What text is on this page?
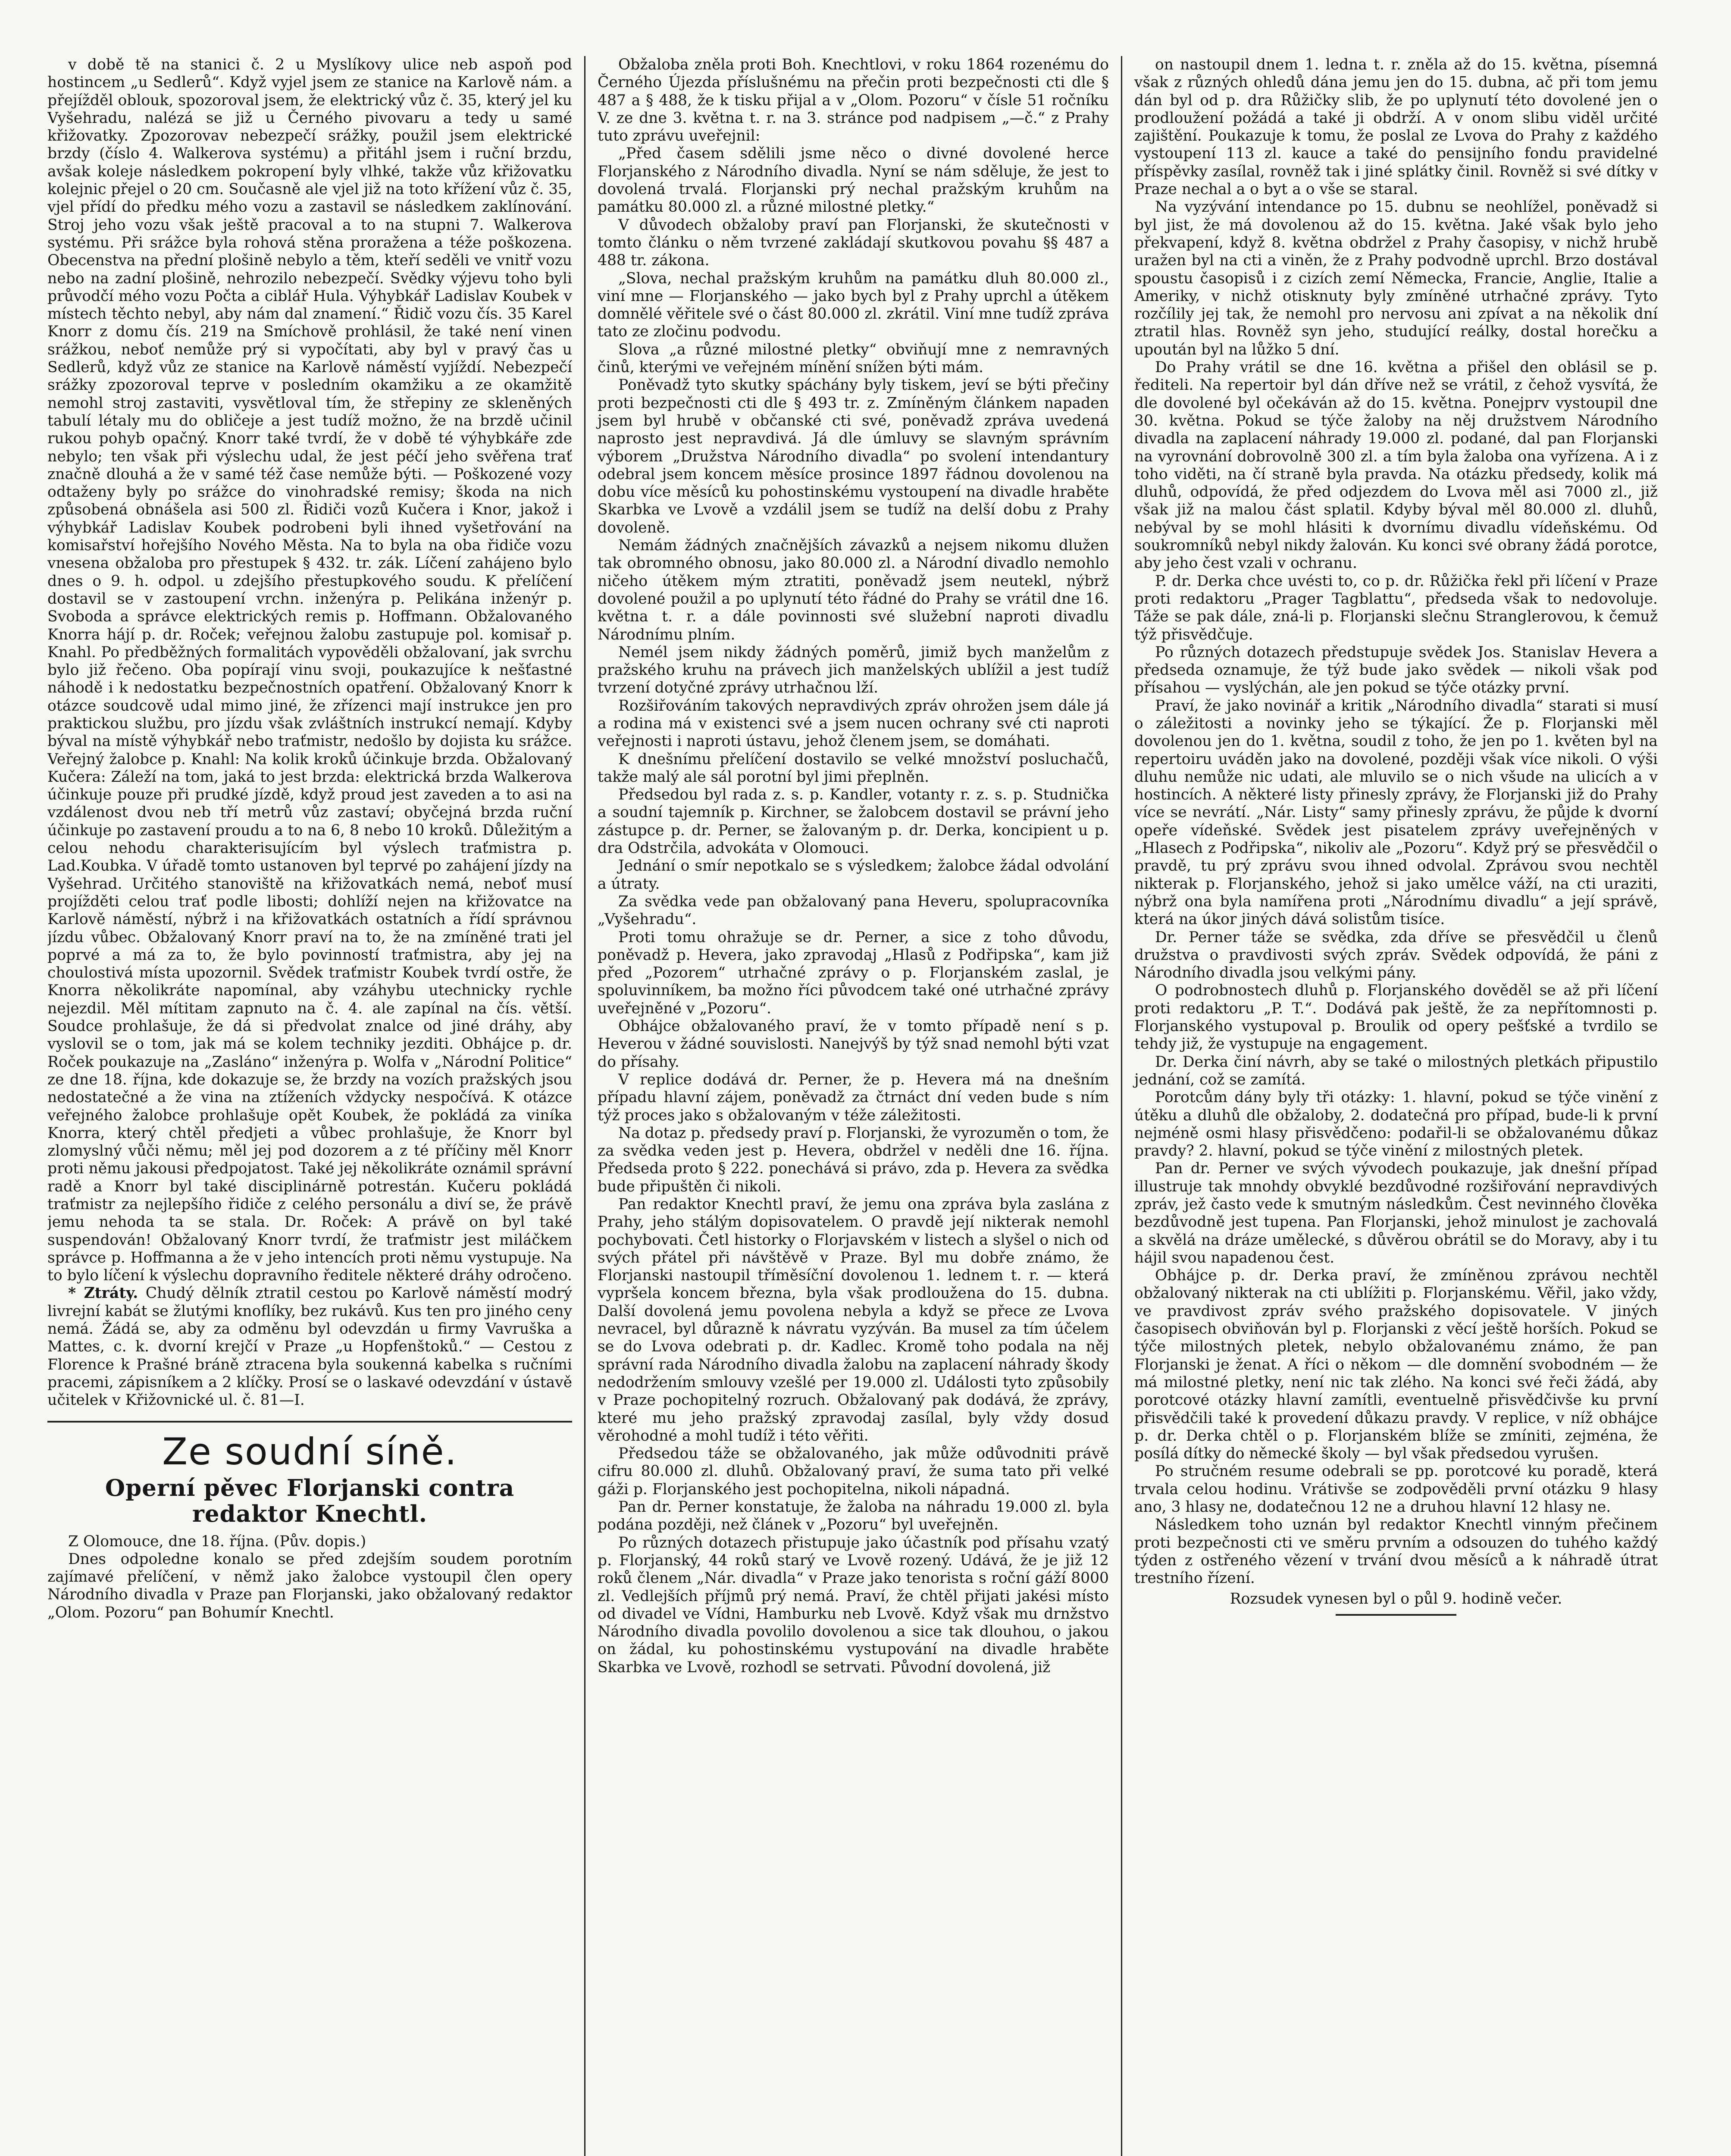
v době tě na stanici č. 2 u Myslíkovy ulice neb aspoň pod hostincem „u Sedlerů“. Když vyjel jsem ze stanice na Karlově nám. a přejížděl oblouk, spozoroval jsem, že elektrický vůz č. 35, který jel ku Vyšehradu, nalézá se již u Černého pivovaru a tedy u samé křižovatky. Zpozorovav nebezpečí srážky, použil jsem elektrické brzdy (číslo 4. Walkerova systému) a přitáhl jsem i ruční brzdu, avšak koleje následkem pokropení byly vlhké, takže vůz křižovatku kolejnic přejel o 20 cm. Současně ale vjel již na toto křížení vůz č. 35, vjel přídí do předku mého vozu a zastavil se následkem zaklínování. Stroj jeho vozu však ještě pracoval a to na stupni 7. Walkerova systému. Při srážce byla rohová stěna proražena a téže poškozena. Obecenstva na přední plošině nebylo a těm, kteří seděli ve vnitř vozu nebo na zadní plošině, nehrozilo nebezpečí. Svědky výjevu toho byli průvodčí mého vozu Počta a ciblář Hula. Výhybkář Ladislav Koubek v místech těchto nebyl, aby nám dal znamení.“ Řidič vozu čís. 35 Karel Knorr z domu čís. 219 na Smíchově prohlásil, že také není vinen srážkou, neboť nemůže prý si vypočítati, aby byl v pravý čas u Sedlerů, když vůz ze stanice na Karlově náměstí vyjíždí. Nebezpečí srážky zpozoroval teprve v posledním okamžiku a ze okamžitě nemohl stroj zastaviti, vysvětloval tím, že střepiny ze skleněných tabulí létaly mu do obličeje a jest tudíž možno, že na brzdě učinil rukou pohyb opačný. Knorr také tvrdí, že v době té výhybkáře zde nebylo; ten však při výslechu udal, že jest péčí jeho svěřena trať značně dlouhá a že v samé též čase nemůže býti. — Poškozené vozy odtaženy byly po srážce do vinohradské remisy; škoda na nich způsobená obnášela asi 500 zl. Řidiči vozů Kučera i Knor, jakož i výhybkář Ladislav Koubek podrobeni byli ihned vyšetřování na komisařství hořejšího Nového Města. Na to byla na oba řidiče vozu vnesena obžaloba pro přestupek § 432. tr. zák. Líčení zahájeno bylo dnes o 9. h. odpol. u zdejšího přestupkového soudu. K přelíčení dostavil se v zastoupení vrchn. inženýra p. Pelikána inženýr p. Svoboda a správce elektrických remis p. Hoffmann. Obžalovaného Knorra hájí p. dr. Roček; veřejnou žalobu zastupuje pol. komisař p. Knahl. Po předběžných formalitách vypověděli obžalovaní, jak svrchu bylo již řečeno. Oba popírají vinu svoji, poukazujíce k nešťastné náhodě i k nedostatku bezpečnostních opatření. Obžalovaný Knorr k otázce soudcově udal mimo jiné, že zřízenci mají instrukce jen pro praktickou službu, pro jízdu však zvláštních instrukcí nemají. Kdyby býval na místě výhybkář nebo traťmistr, nedošlo by dojista ku srážce. Veřejný žalobce p. Knahl: Na kolik kroků účinkuje brzda. Obžalovaný Kučera: Záleží na tom, jaká to jest brzda: elektrická brzda Walkerova účinkuje pouze při prudké jízdě, když proud jest zaveden a to asi na vzdálenost dvou neb tří metrů vůz zastaví; obyčejná brzda ruční účinkuje po zastavení proudu a to na 6, 8 nebo 10 kroků. Důležitým a celou nehodu charakterisujícím byl výslech traťmistra p. Lad.Koubka. V úřadě tomto ustanoven byl teprvé po zahájení jízdy na Vyšehrad. Určitého stanoviště na křižovatkách nemá, neboť musí projížděti celou trať podle libosti; dohlíží nejen na křižovatce na Karlově náměstí, nýbrž i na křižovatkách ostatních a řídí správnou jízdu vůbec. Obžalovaný Knorr praví na to, že na zmíněné trati jel poprvé a má za to, že bylo povinností traťmistra, aby jej na choulostivá místa upozornil. Svědek traťmistr Koubek tvrdí ostře, že Knorra několikráte napomínal, aby vzáhybu utechnicky rychle nejezdil. Měl mítitam zapnuto na č. 4. ale zapínal na čís. větší. Soudce prohlašuje, že dá si předvolat znalce od jiné dráhy, aby vyslovil se o tom, jak má se kolem techniky jezditi. Obhájce p. dr. Roček poukazuje na „Zasláno“ inženýra p. Wolfa v „Národní Politice“ ze dne 18. října, kde dokazuje se, že brzdy na vozích pražských jsou nedostatečné a že vina na ztíženích vždycky nespočívá. K otázce veřejného žalobce prohlašuje opět Koubek, že pokládá za viníka Knorra, který chtěl předjeti a vůbec prohlašuje, že Knorr byl zlomyslný vůči němu; měl jej pod dozorem a z té příčiny měl Knorr proti němu jakousi předpojatost. Také jej několikráte oznámil správní radě a Knorr byl také disciplinárně potrestán. Kučeru pokládá traťmistr za nejlepšího řidiče z celého personálu a diví se, že právě jemu nehoda ta se stala. Dr. Roček: A právě on byl také suspendován! Obžalovaný Knorr tvrdí, že traťmistr jest miláčkem správce p. Hoffmanna a že v jeho intencích proti němu vystupuje. Na to bylo líčení k výslechu dopravního ředitele některé dráhy odročeno.

* Ztráty. Chudý dělník ztratil cestou po Karlově náměstí modrý livrejní kabát se žlutými knoflíky, bez rukávů. Kus ten pro jiného ceny nemá. Žádá se, aby za odměnu byl odevzdán u firmy Vavruška a Mattes, c. k. dvorní krejčí v Praze „u Hopfenštoků.“ — Cestou z Florence k Prašné bráně ztracena byla soukenná kabelka s ručními pracemi, zápisníkem a 2 klíčky. Prosí se o laskavé odevzdání v ústavě učitelek v Křižovnické ul. č. 81—I.

Ze soudní síně.
Operní pěvec Florjanski contra redaktor Knechtl.

Z Olomouce, dne 18. října. (Pův. dopis.)

Dnes odpoledne konalo se před zdejším soudem porotním zajímavé přelíčení, v němž jako žalobce vystoupil člen opery Národního divadla v Praze pan Florjanski, jako obžalovaný redaktor „Olom. Pozoru“ pan Bohumír Knechtl.

Obžaloba zněla proti Boh. Knechtlovi, v roku 1864 rozenému do Černého Újezda příslušnému na přečin proti bezpečnosti cti dle § 487 a § 488, že k tisku přijal a v „Olom. Pozoru“ v čísle 51 ročníku V. ze dne 3. května t. r. na 3. stránce pod nadpisem „—č.“ z Prahy tuto zprávu uveřejnil:

„Před časem sdělili jsme něco o divné dovolené herce Florjanského z Národního divadla. Nyní se nám sděluje, že jest to dovolená trvalá. Florjanski prý nechal pražským kruhům na památku 80.000 zl. a různé milostné pletky.“

V důvodech obžaloby praví pan Florjanski, že skutečnosti v tomto článku o něm tvrzené zakládají skutkovou povahu §§ 487 a 488 tr. zákona.

„Slova, nechal pražským kruhům na památku dluh 80.000 zl., viní mne — Florjanského — jako bych byl z Prahy uprchl a útěkem domnělé věřitele své o část 80.000 zl. zkrátil. Viní mne tudíž zpráva tato ze zločinu podvodu.

Slova „a různé milostné pletky“ obviňují mne z nemravných činů, kterými ve veřejném mínění snížen býti mám.

Poněvadž tyto skutky spáchány byly tiskem, jeví se býti přečiny proti bezpečnosti cti dle § 493 tr. z. Zmíněným článkem napaden jsem byl hrubě v občanské cti své, poněvadž zpráva uvedená naprosto jest nepravdivá. Já dle úmluvy se slavným správním výborem „Družstva Národního divadla“ po svolení intendantury odebral jsem koncem měsíce prosince 1897 řádnou dovolenou na dobu více měsíců ku pohostinskému vystoupení na divadle hraběte Skarbka ve Lvově a vzdálil jsem se tudíž na delší dobu z Prahy dovoleně.

Nemám žádných značnějších závazků a nejsem nikomu dlužen tak obromného obnosu, jako 80.000 zl. a Národní divadlo nemohlo ničeho útěkem mým ztratiti, poněvadž jsem neutekl, nýbrž dovolené použil a po uplynutí této řádné do Prahy se vrátil dne 16. května t. r. a dále povinnosti své služební naproti divadlu Národnímu plním.

Nemél jsem nikdy žádných poměrů, jimiž bych manželům z pražského kruhu na právech jich manželských ublížil a jest tudíž tvrzení dotyčné zprávy utrhačnou lží.

Rozšiřováním takových nepravdivých zpráv ohrožen jsem dále já a rodina má v existenci své a jsem nucen ochrany své cti naproti veřejnosti i naproti ústavu, jehož členem jsem, se domáhati.

K dnešnímu přelíčení dostavilo se velké množství posluchačů, takže malý ale sál porotní byl jimi přeplněn.

Předsedou byl rada z. s. p. Kandler, votanty r. z. s. p. Studnička a soudní tajemník p. Kirchner, se žalobcem dostavil se právní jeho zástupce p. dr. Perner, se žalovaným p. dr. Derka, koncipient u p. dra Odstrčila, advokáta v Olomouci.

Jednání o smír nepotkalo se s výsledkem; žalobce žádal odvolání a útraty.

Za svědka vede pan obžalovaný pana Heveru, spolupracovníka „Vyšehradu“.

Proti tomu ohražuje se dr. Perner, a sice z toho důvodu, poněvadž p. Hevera, jako zpravodaj „Hlasů z Podřipska“, kam již před „Pozorem“ utrhačné zprávy o p. Florjanském zaslal, je spoluvinníkem, ba možno říci původcem také oné utrhačné zprávy uveřejněné v „Pozoru“.

Obhájce obžalovaného praví, že v tomto případě není s p. Heverou v žádné souvislosti. Nanejvýš by týž snad nemohl býti vzat do přísahy.

V replice dodává dr. Perner, že p. Hevera má na dnešním případu hlavní zájem, poněvadž za čtrnáct dní veden bude s ním týž proces jako s obžalovaným v téže záležitosti.

Na dotaz p. předsedy praví p. Florjanski, že vyrozuměn o tom, že za svědka veden jest p. Hevera, obdržel v neděli dne 16. října. Předseda proto § 222. ponechává si právo, zda p. Hevera za svědka bude připuštěn či nikoli.

Pan redaktor Knechtl praví, že jemu ona zpráva byla zaslána z Prahy, jeho stálým dopisovatelem. O pravdě její nikterak nemohl pochybovati. Četl historky o Florjavském v listech a slyšel o nich od svých přátel při návštěvě v Praze. Byl mu dobře známo, že Florjanski nastoupil tříměsíční dovolenou 1. lednem t. r. — která vypršela koncem března, byla však prodloužena do 15. dubna. Další dovolená jemu povolena nebyla a když se přece ze Lvova nevracel, byl důrazně k návratu vyzýván. Ba musel za tím účelem se do Lvova odebrati p. dr. Kadlec. Kromě toho podala na něj správní rada Národního divadla žalobu na zaplacení náhrady škody nedodržením smlouvy vzešlé per 19.000 zl. Události tyto způsobily v Praze pochopitelný rozruch. Obžalovaný pak dodává, že zprávy, které mu jeho pražský zpravodaj zasílal, byly vždy dosud věrohodné a mohl tudíž i této věřiti.

Předsedou táže se obžalovaného, jak může odůvodniti právě cifru 80.000 zl. dluhů. Obžalovaný praví, že suma tato při velké gáži p. Florjanského jest pochopitelna, nikoli nápadná.

Pan dr. Perner konstatuje, že žaloba na náhradu 19.000 zl. byla podána později, než článek v „Pozoru“ byl uveřejněn.

Po různých dotazech přistupuje jako účastník pod přísahu vzatý p. Florjanský, 44 roků starý ve Lvově rozený. Udává, že je již 12 roků členem „Nár. divadla“ v Praze jako tenorista s roční gáží 8000 zl. Vedlejších příjmů prý nemá. Praví, že chtěl přijati jakési místo od divadel ve Vídni, Hamburku neb Lvově. Když však mu drnžstvo Národního divadla povolilo dovolenou a sice tak dlouhou, o jakou on žádal, ku pohostinskému vystupování na divadle hraběte Skarbka ve Lvově, rozhodl se setrvati. Původní dovolená, již

on nastoupil dnem 1. ledna t. r. zněla až do 15. května, písemná však z různých ohledů dána jemu jen do 15. dubna, ač při tom jemu dán byl od p. dra Růžičky slib, že po uplynutí této dovolené jen o prodloužení požádá a také ji obdrží. A v onom slibu viděl určité zajištění. Poukazuje k tomu, že poslal ze Lvova do Prahy z každého vystoupení 113 zl. kauce a také do pensijního fondu pravidelné příspěvky zasílal, rovněž tak i jiné splátky činil. Rovněž si své dítky v Praze nechal a o byt a o vše se staral.

Na vyzývání intendance po 15. dubnu se neohlížel, poněvadž si byl jist, že má dovolenou až do 15. května. Jaké však bylo jeho překvapení, když 8. května obdržel z Prahy časopisy, v nichž hrubě uražen byl na cti a viněn, že z Prahy podvodně uprchl. Brzo dostával spoustu časopisů i z cizích zemí Německa, Francie, Anglie, Italie a Ameriky, v nichž otisknuty byly zmíněné utrhačné zprávy. Tyto rozčílily jej tak, že nemohl pro nervosu ani zpívat a na několik dní ztratil hlas. Rovněž syn jeho, studující reálky, dostal horečku a upoután byl na lůžko 5 dní.

Do Prahy vrátil se dne 16. května a přišel den oblásil se p. řediteli. Na repertoir byl dán dříve než se vrátil, z čehož vysvítá, že dle dovolené byl očekáván až do 15. května. Ponejprv vystoupil dne 30. května. Pokud se týče žaloby na něj družstvem Národního divadla na zaplacení náhrady 19.000 zl. podané, dal pan Florjanski na vyrovnání dobrovolně 300 zl. a tím byla žaloba ona vyřízena. A i z toho viděti, na čí straně byla pravda. Na otázku předsedy, kolik má dluhů, odpovídá, že před odjezdem do Lvova měl asi 7000 zl., již však již na malou část splatil. Kdyby býval měl 80.000 zl. dluhů, nebýval by se mohl hlásiti k dvornímu divadlu vídeňskému. Od soukromníků nebyl nikdy žalován. Ku konci své obrany žádá porotce, aby jeho čest vzali v ochranu.

P. dr. Derka chce uvésti to, co p. dr. Růžička řekl při líčení v Praze proti redaktoru „Prager Tagblattu“, předseda však to nedovoluje. Táže se pak dále, zná-li p. Florjanski slečnu Stranglerovou, k čemuž týž přisvědčuje.

Po různých dotazech předstupuje svědek Jos. Stanislav Hevera a předseda oznamuje, že týž bude jako svědek — nikoli však pod přísahou — vyslýchán, ale jen pokud se týče otázky první.

Praví, že jako novinář a kritik „Národního divadla“ starati si musí o záležitosti a novinky jeho se týkající. Že p. Florjanski měl dovolenou jen do 1. května, soudil z toho, že jen po 1. květen byl na repertoiru uváděn jako na dovolené, později však více nikoli. O výši dluhu nemůže nic udati, ale mluvilo se o nich všude na ulicích a v hostincích. A některé listy přinesly zprávy, že Florjanski již do Prahy více se nevrátí. „Nár. Listy“ samy přinesly zprávu, že půjde k dvorní opeře vídeňské. Svědek jest pisatelem zprávy uveřejněných v „Hlasech z Podřipska“, nikoliv ale „Pozoru“. Když prý se přesvědčil o pravdě, tu prý zprávu svou ihned odvolal. Zprávou svou nechtěl nikterak p. Florjanského, jehož si jako umělce váží, na cti uraziti, nýbrž ona byla namířena proti „Národnímu divadlu“ a její správě, která na úkor jiných dává solistům tisíce.

Dr. Perner táže se svědka, zda dříve se přesvědčil u členů družstva o pravdivosti svých zpráv. Svědek odpovídá, že páni z Národního divadla jsou velkými pány.

O podrobnostech dluhů p. Florjanského dověděl se až při líčení proti redaktoru „P. T.“. Dodává pak ještě, že za nepřítomnosti p. Florjanského vystupoval p. Broulik od opery pešťské a tvrdilo se tehdy již, že vystupuje na engagement.

Dr. Derka činí návrh, aby se také o milostných pletkách připustilo jednání, což se zamítá.

Porotcům dány byly tři otázky: 1. hlavní, pokud se týče vinění z útěku a dluhů dle obžaloby, 2. dodatečná pro případ, bude-li k první nejméně osmi hlasy přisvědčeno: podařil-li se obžalovanému důkaz pravdy? 2. hlavní, pokud se týče vinění z milostných pletek.

Pan dr. Perner ve svých vývodech poukazuje, jak dnešní případ illustruje tak mnohdy obvyklé bezdůvodné rozšiřování nepravdivých zpráv, jež často vede k smutným následkům. Čest nevinného člověka bezdůvodně jest tupena. Pan Florjanski, jehož minulost je zachovalá a skvělá na dráze umělecké, s důvěrou obrátil se do Moravy, aby i tu hájil svou napadenou čest.

Obhájce p. dr. Derka praví, že zmíněnou zprávou nechtěl obžalovaný nikterak na cti ublížiti p. Florjanskému. Věřil, jako vždy, ve pravdivost zpráv svého pražského dopisovatele. V jiných časopisech obviňován byl p. Florjanski z věcí ještě horších. Pokud se týče milostných pletek, nebylo obžalovanému známo, že pan Florjanski je ženat. A říci o někom — dle domnění svobodném — že má milostné pletky, není nic tak zlého. Na konci své řeči žádá, aby porotcové otázky hlavní zamítli, eventuelně přisvědčivše ku první přisvědčili také k provedení důkazu pravdy. V replice, v níž obhájce p. dr. Derka chtěl o p. Florjanském blíže se zmíniti, zejména, že posílá dítky do německé školy — byl však předsedou vyrušen.

Po stručném resume odebrali se pp. porotcové ku poradě, která trvala celou hodinu. Vrátivše se zodpověděli první otázku 9 hlasy ano, 3 hlasy ne, dodatečnou 12 ne a druhou hlavní 12 hlasy ne.

Následkem toho uznán byl redaktor Knechtl vinným přečinem proti bezpečnosti cti ve směru prvním a odsouzen do tuhého každý týden z ostřeného vězení v trvání dvou měsíců a k náhradě útrat trestního řízení.

Rozsudek vynesen byl o půl 9. hodině večer.
